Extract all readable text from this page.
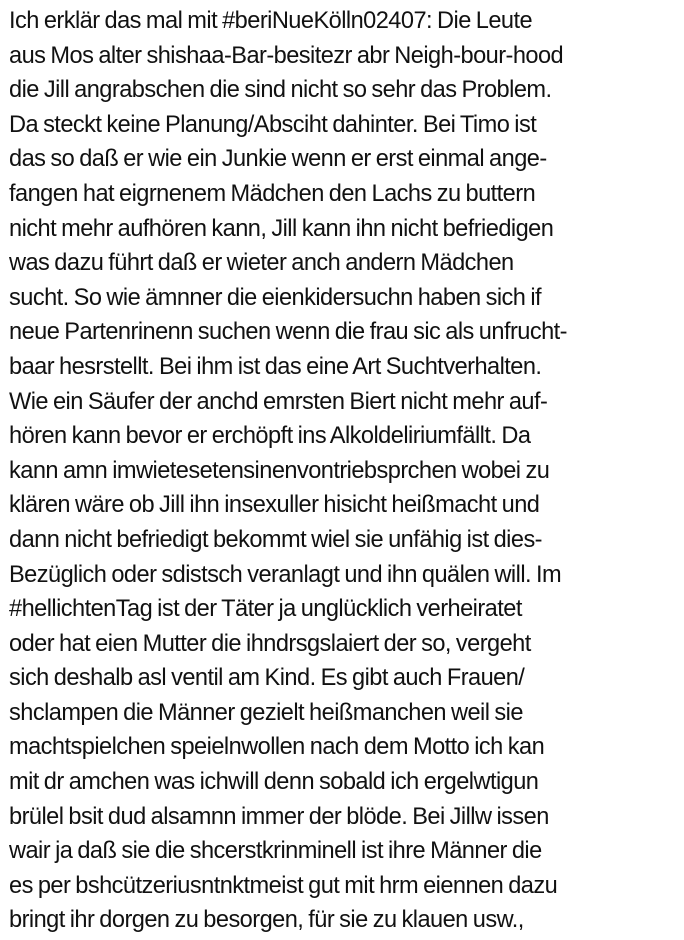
Ich erklär das mal mit #beriNueKölln02407: Die Leute
aus Mos alter shishaa-Bar-besitezr abr Neigh-bour-hood
die Jill angrabschen die sind nicht so sehr das Problem.
Da steckt keine Planung/Absciht dahinter. Bei Timo ist
das so daß er wie ein Junkie wenn er erst einmal ange-
fangen hat eigrnenem Mädchen den Lachs zu buttern
nicht mehr aufhören kann, Jill kann ihn nicht befriedigen
was dazu führt daß er wieter anch andern Mädchen
sucht. So wie ämnner die eienkidersuchn haben sich if
neue Partenrinenn suchen wenn die frau sic als unfrucht-
baar hesrstellt. Bei ihm ist das eine Art Suchtverhalten.
Wie ein Säufer der anchd emrsten Biert nicht mehr auf-
hören kann bevor er erchöpft ins Alkoldeliriumfällt. Da
kann amn imwietesetensinenvontriebsprchen wobei zu
klären wäre ob Jill ihn insexuller hisicht heißmacht und
dann nicht befriedigt bekommt wiel sie unfähig ist dies-
Bezüglich oder sdistsch veranlagt und ihn quälen will. Im
#hellichtenTag ist der Täter ja unglücklich verheiratet
oder hat eien Mutter die ihndrsgslaiert der so, vergeht
sich deshalb asl ventil am Kind. Es gibt auch Frauen/
shclampen die Männer gezielt heißmanchen weil sie
machtspielchen speielnwollen nach dem Motto ich kan
mit dr amchen was ichwill denn sobald ich ergelwtigun
brülel bsit dud alsamnn immer der blöde. Bei Jillw issen
wair ja daß sie die shcerstkrinminell ist ihre Männer die
es per bshcützeriusntnktmeist gut mit hrm eiennen dazu
bringt ihr dorgen zu besorgen, für sie zu klauen usw.,
